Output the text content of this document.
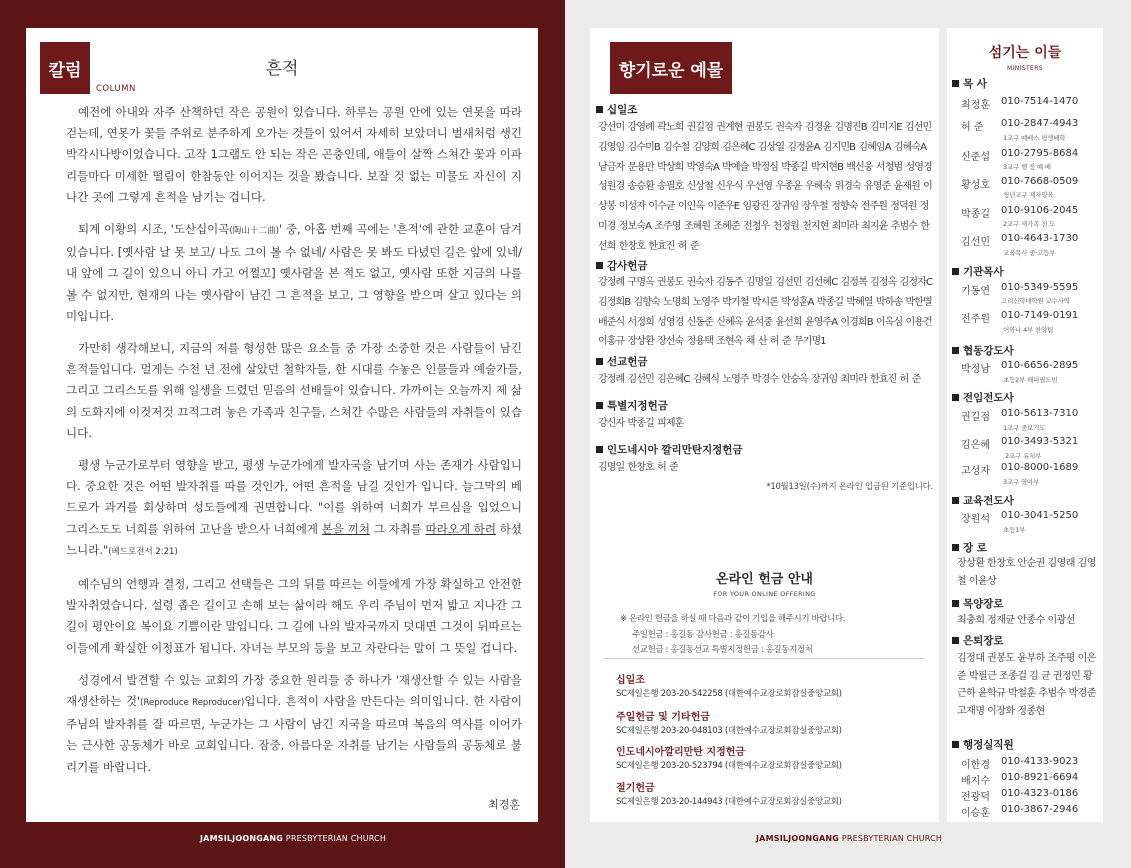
칼럼
COLUMN
흔적

예전에 아내와 자주 산책하던 작은 공원이 있습니다. 하루는 공원 안에 있는 연못을 따라 걷는데, 연못가 꽃들 주위로 분주하게 오가는 것들이 있어서 자세히 보았더니 벌새처럼 생긴 박각시나방이었습니다. 고작 1그램도 안 되는 작은 곤충인데, 애들이 살짝 스쳐간 꽃과 이파리들마다 미세한 떨림이 한참동안 이어지는 것을 봤습니다. 보잘 것 없는 미물도 자신이 지나간 곳에 그렇게 흔적을 남기는 겁니다.

퇴계 이황의 시조, '도산십이곡(陶山十二曲)' 중, 아홉 번째 곡에는 '흔적'에 관한 교훈이 담겨 있습니다. [옛사람 날 못 보고/ 나도 그이 볼 수 없네/ 사람은 못 봐도 다녔던 길은 앞에 있네/ 내 앞에 그 길이 있으니 아니 가고 어쩔꼬] 옛사람을 본 적도 없고, 옛사람 또한 지금의 나를 볼 수 없지만, 현재의 나는 옛사람이 남긴 그 흔적을 보고, 그 영향을 받으며 살고 있다는 의미입니다.

가만히 생각해보니, 지금의 저를 형성한 많은 요소들 중 가장 소중한 것은 사람들이 남긴 흔적들입니다. 멀게는 수천 년 전에 살았던 철학자들, 한 시대를 수놓은 인물들과 예술가들, 그리고 그리스도를 위해 일생을 드렸던 믿음의 선배들이 있습니다. 가까이는 오늘까지 제 삶의 도화지에 이것저것 끄적그려 놓은 가족과 친구들, 스쳐간 수많은 사람들의 자취들이 있습니다.

평생 누군가로부터 영향을 받고, 평생 누군가에게 발자국을 남기며 사는 존재가 사람입니다. 중요한 것은 어떤 발자취를 따를 것인가, 어떤 흔적을 남길 것인가 입니다. 늘그막의 베드로가 과거를 회상하며 성도들에게 권면합니다. "이를 위하여 너희가 부르심을 입었으니 그리스도도 너희를 위하여 고난을 받으사 너희에게 본을 끼쳐 그 자취를 따라오게 하려 하셨느니라."(베드로전서 2:21)

예수님의 언행과 결정, 그리고 선택들은 그의 뒤를 따르는 이들에게 가장 확실하고 안전한 발자취였습니다. 설령 좁은 길이고 손해 보는 삶이라 해도 우리 주님이 먼저 밟고 지나간 그 길이 평안이요 복이요 기쁨이란 말입니다. 그 길에 나의 발자국까지 덧대면 그것이 뒤따르는 이들에게 확실한 이정표가 됩니다. 자녀는 부모의 등을 보고 자란다는 말이 그 뜻일 겁니다.

성경에서 발견할 수 있는 교회의 가장 중요한 원리들 중 하나가 '재생산할 수 있는 사람을 재생산하는 것'(Reproduce Reproducer)입니다. 흔적이 사람을 만든다는 의미입니다. 한 사람이 주님의 발자취를 잘 따르면, 누군가는 그 사람이 남긴 지국을 따르며 복음의 역사를 이어가는 근사한 공동체가 바로 교회입니다. 잠중, 아름다운 자취를 남기는 사람들의 공동체로 불리기를 바랍니다.

최경훈
JAMSILJOONGANG PRESBYTERIAN CHURCH
향기로운 예물
OFFERING
십일조
강선미 강영례 곽노희 권길점 권계현 권봉도 권숙자 김경윤 김명진B 김미지E 김선민 김영임 김수미B 김수철 김양희 김은혜C 김상열 김정윤A 김지민B 김혜임A 김혜숙A 남금자 문용만 박상희 박영숙A 박예슬 박정심 박종길 박지현B 백신웅 서청범 성영경 성원경 송승환 송필호 신상철 신우식 우선영 우종윤 우혜숙 위경숙 유영준 윤재원 이상봉 이성자 이수균 이인옥 이준우E 임광진 장귀임 장우철 정향숙 전주원 정덕원 정미경 정보숙A 조주영 조혜원 조혜준 전청우 천정원 천지현 최미라 최지윤 추범수 한선희 한창호 한효진 허 준
감사헌금
강정례 구명옥 권봉도 권숙자 김동주 김명일 김선민 김선혜C 김정복 김정옥 김정자C 김정희B 김향숙 노명희 노영주 박기철 박시론 박성훈A 박종길 박혜열 박하송 박한별 배준식 서정희 성영경 신동준 신혜옥 윤석중 윤선희 윤영주A 이경희B 이옥심 이용건 이홍규 장상환 장선숙 정용택 조현옥 채 산 허 준 무기명1
선교헌금
강정례 김선민 김은혜C 김혜식 노영주 박경수 안승옥 장귀임 최미라 한효진 허 준
특별지정헌금
강신자 박종길 피제훈
인도네시아 깔리만탄지정헌금
김명일 한창호 허 준
*10월13일(수)까지 온라인 입금된 기준입니다.
온라인 헌금 안내
FOR YOUR ONLINE OFFERING
※ 온라인 헌금을 하실 때 다음과 같이 기입을 해주시기 바랍니다.
주일헌금 : 홍길동 감사헌금 : 홍길동감사
선교헌금 : 홍길동선교 특별지정헌금 : 홍길동지정처
십일조
SC제일은행 203-20-542258 (대한예수교장로회잠실중앙교회)
주일헌금 및 기타헌금
SC제일은행 203-20-048103 (대한예수교장로회잠실중앙교회)
인도네시아깔리만탄 지정헌금
SC제일은행 203-20-523794 (대한예수교장로회잠실중앙교회)
절기헌금
SC제일은행 203-20-144943 (대한예수교장로회잠실중앙교회)
섬기는 이들
MINISTERS
목 사
최정훈	010-7514-1470
허 준	010-2847-4943
1교구 예배스 평생배학
신준섭	010-2795-8684
3교구 행 정 예 배
황성호	010-7668-0509
청년교구 제자양육
박종길	010-9106-2045
2교구 새가족 전 도
김선민	010-4643-1730
교육목사 중·고등부
기관목사
기동연	010-5349-5595
고려신학대학원 교수사역
전주원	010-7149-0191
어와나 4부 찬양팀
협동강도사
박정남	010-6656-2895
초등2부 해피필드빈
전임전도사
권길점	010-5613-7310
1교구 중보기도
김은혜	010-3493-5321
2교구 유치부
고성자	010-8000-1689
3교구 영아부
교육전도사
장원석	010-3041-5250
초등1부
장 로
장상환 한창호 안순권 김영래 김영철 이윤상
목양장로
최충희 정재균 안종수 이광선
은퇴장로
김정대 권봉도 윤부하 조주평 이은준 박필근 조종걸 김 균 권정민 황근하 윤학규 박철훈 추범수 박경준 고재명 이장화 정종현
행정실직원
이한경	010-4133-9023
배지수	010-8921-6694
전광덕	010-4323-0186
이승훈	010-3867-2946
JAMSILJOONGANG PRESBYTERIAN CHURCH
